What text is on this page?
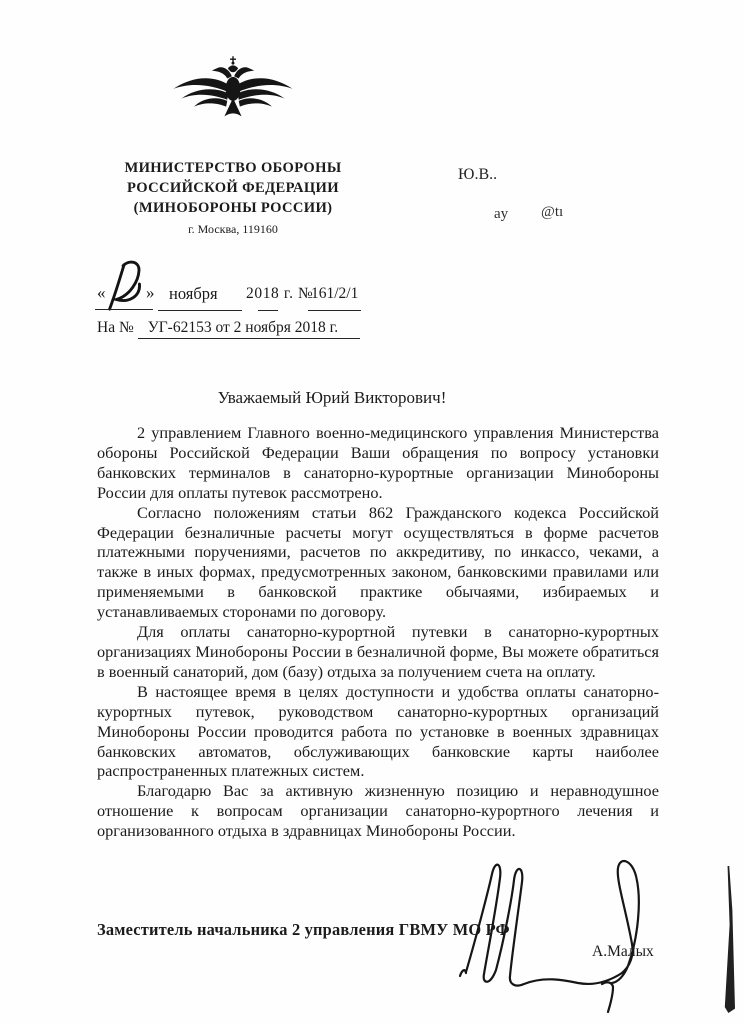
МИНИСТЕРСТВО ОБОРОНЫ
РОССИЙСКОЙ ФЕДЕРАЦИИ
(МИНОБОРОНЫ РОССИИ)
г. Москва, 119160
Ю.В..
ay @tı
« » ноября 2018 г. №
161/2/1
На № УГ-62153 от 2 ноября 2018 г.
Уважаемый Юрий Викторович!

2 управлением Главного военно-медицинского управления Министерства обороны Российской Федерации Ваши обращения по вопросу установки банковских терминалов в санаторно-курортные организации Минобороны России для оплаты путевок рассмотрено.

Согласно положениям статьи 862 Гражданского кодекса Российской Федерации безналичные расчеты могут осуществляться в форме расчетов платежными поручениями, расчетов по аккредитиву, по инкассо, чеками, а также в иных формах, предусмотренных законом, банковскими правилами или применяемыми в банковской практике обычаями, избираемых и устанавливаемых сторонами по договору.

Для оплаты санаторно-курортной путевки в санаторно-курортных организациях Минобороны России в безналичной форме, Вы можете обратиться в военный санаторий, дом (базу) отдыха за получением счета на оплату.

В настоящее время в целях доступности и удобства оплаты санаторно-курортных путевок, руководством санаторно-курортных организаций Минобороны России проводится работа по установке в военных здравницах банковских автоматов, обслуживающих банковские карты наиболее распространенных платежных систем.

Благодарю Вас за активную жизненную позицию и неравнодушное отношение к вопросам организации санаторно-курортного лечения и организованного отдыха в здравницах Минобороны России.

Заместитель начальника 2 управления ГВМУ МО РФ
А.Малых
